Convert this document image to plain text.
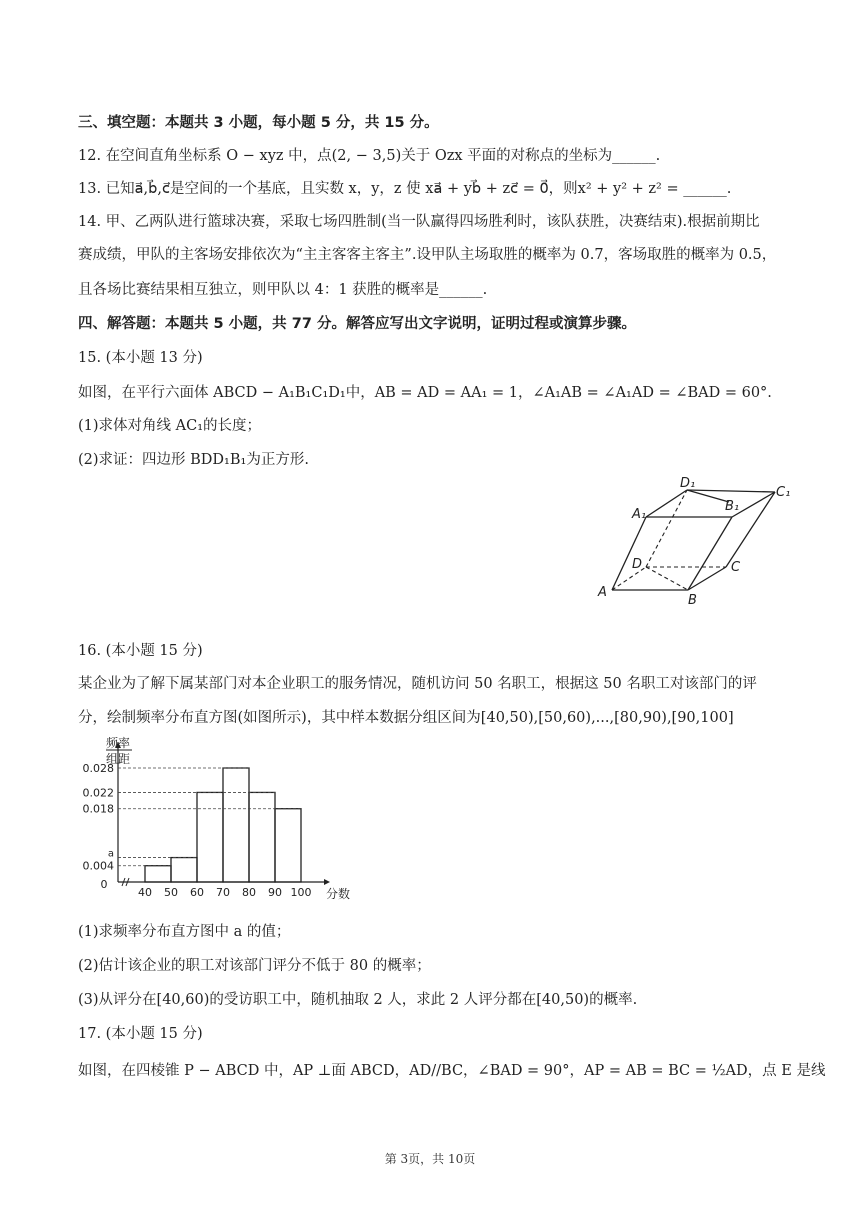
三、填空题：本题共 3 小题，每小题 5 分，共 15 分。
12. 在空间直角坐标系 O − xyz 中，点(2, − 3,5)关于 Ozx 平面的对称点的坐标为______.
13. 已知a⃗,b⃗,c⃗是空间的一个基底，且实数 x，y，z 使 xa⃗ + yb⃗ + zc⃗ = 0⃗，则x² + y² + z² = ______.
14. 甲、乙两队进行篮球决赛，采取七场四胜制(当一队赢得四场胜利时，该队获胜，决赛结束).根据前期比
赛成绩，甲队的主客场安排依次为“主主客客主客主”.设甲队主场取胜的概率为 0.7，客场取胜的概率为 0.5，
且各场比赛结果相互独立，则甲队以 4：1 获胜的概率是______.
四、解答题：本题共 5 小题，共 77 分。解答应写出文字说明，证明过程或演算步骤。
15. (本小题 13 分)
如图，在平行六面体 ABCD − A₁B₁C₁D₁中，AB = AD = AA₁ = 1，∠A₁AB = ∠A₁AD = ∠BAD = 60°.
(1)求体对角线 AC₁的长度；
(2)求证：四边形 BDD₁B₁为正方形.
A
B
C
D
A₁
B₁
C₁
D₁
16. (本小题 15 分)
某企业为了解下属某部门对本企业职工的服务情况，随机访问 50 名职工，根据这 50 名职工对该部门的评
分，绘制频率分布直方图(如图所示)，其中样本数据分组区间为[40,50),[50,60),...,[80,90),[90,100]
频率
组距
0.028
0.022
0.018
a
0.004
0
40 50 60 70 80 90 100 分数
(1)求频率分布直方图中 a 的值；
(2)估计该企业的职工对该部门评分不低于 80 的概率；
(3)从评分在[40,60)的受访职工中，随机抽取 2 人，求此 2 人评分都在[40,50)的概率.
17. (本小题 15 分)
如图，在四棱锥 P − ABCD 中，AP ⊥面 ABCD，AD//BC，∠BAD = 90°，AP = AB = BC = ½AD，点 E 是线
第 3页，共 10页
